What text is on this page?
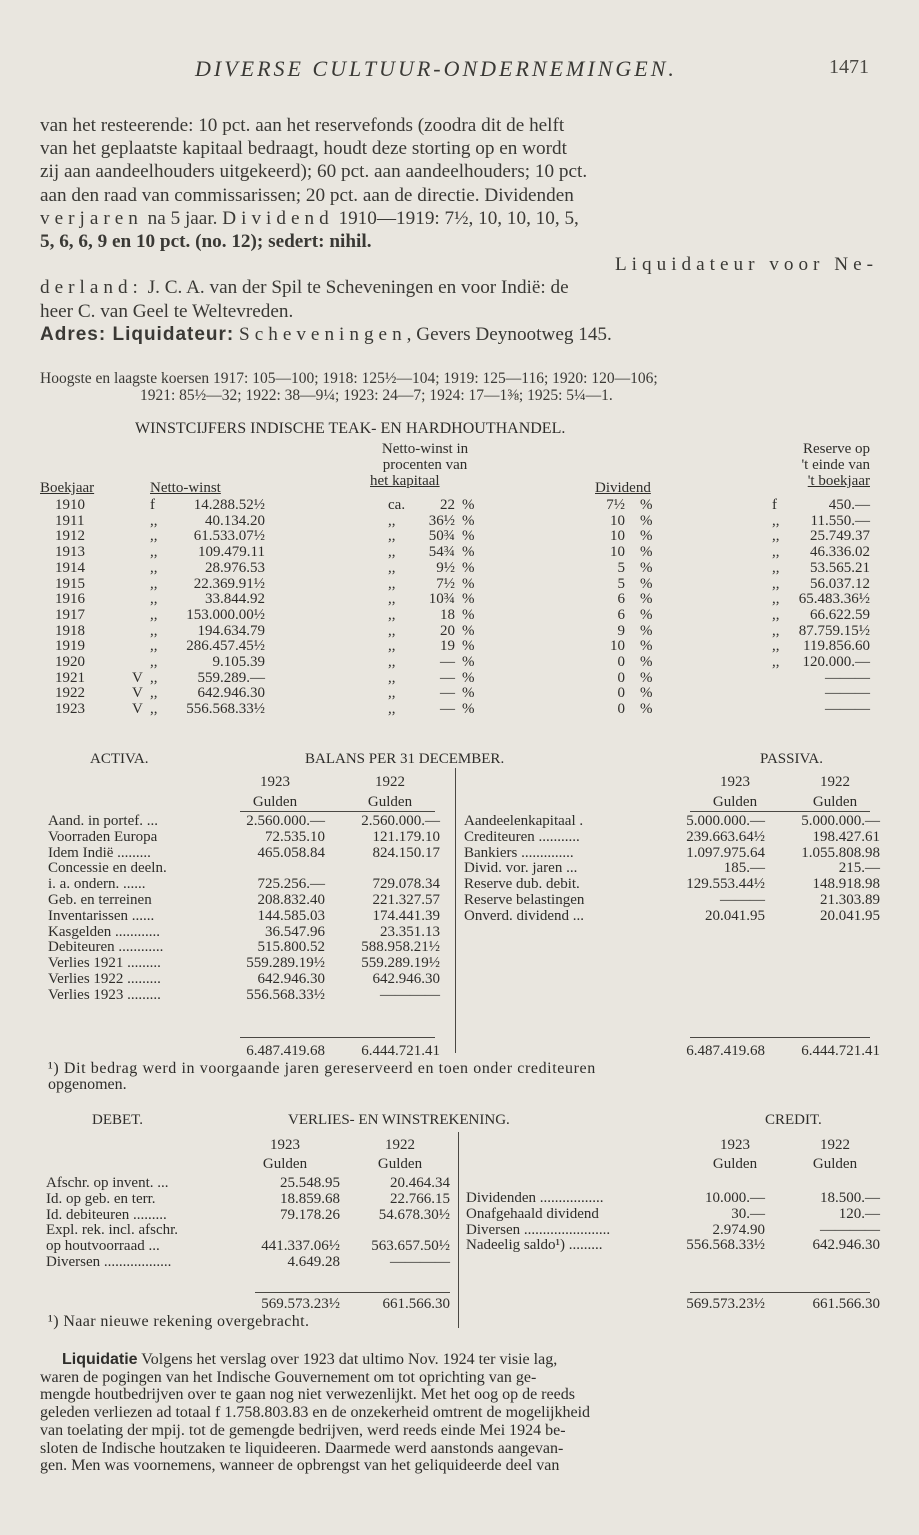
DIVERSE CULTUUR-ONDERNEMINGEN.	1471
van het resteerende: 10 pct. aan het reservefonds (zoodra dit de helft
van het geplaatste kapitaal bedraagt, houdt deze storting op en wordt
zij aan aandeelhouders uitgekeerd); 60 pct. aan aandeelhouders; 10 pct.
aan den raad van commissarissen; 20 pct. aan de directie. Dividenden
verjaren na 5 jaar. Dividend 1910—1919: 7½, 10, 10, 10, 5,
5, 6, 6, 9 en 10 pct. (no. 12); sedert: nihil.
Liquidateur voor Ne-
derland: J. C. A. van der Spil te Scheveningen en voor Indië: de
heer C. van Geel te Weltevreden.
Adres: Liquidateur: Scheveningen, Gevers Deynootweg 145.
Hoogste en laagste koersen 1917: 105—100; 1918: 125½—104; 1919: 125—116; 1920: 120—106;
1921: 85½—32; 1922: 38—9¼; 1923: 24—7; 1924: 17—1⅜; 1925: 5¼—1.
WINSTCIJFERS INDISCHE TEAK- EN HARDHOUTHANDEL.
Netto-winst in
procenten van
het kapitaal
Reserve op
't einde van
't boekjaar
Boekjaar	Netto-winst	Dividend
1910	f	14.288.52½	ca.	22 %	7½ %	f	450.—
1911	,,	40.134.20	,,	36½ %	10 %	,,	11.550.—
1912	,,	61.533.07½	,,	50¾ %	10 %	,,	25.749.37
1913	,,	109.479.11	,,	54¾ %	10 %	,,	46.336.02
1914	,,	28.976.53	,,	9½ %	5 %	,,	53.565.21
1915	,,	22.369.91½	,,	7½ %	5 %	,,	56.037.12
1916	,,	33.844.92	,,	10¾ %	6 %	,,	65.483.36½
1917	,,	153.000.00½	,,	18 %	6 %	,,	66.622.59
1918	,,	194.634.79	,,	20 %	9 %	,,	87.759.15½
1919	,,	286.457.45½	,,	19 %	10 %	,,	119.856.60
1920	,,	9.105.39	,,	— %	0 %	,,	120.000.—
1921	V ,,	559.289.—	,,	— %	0 %	———
1922	V ,,	642.946.30	,,	— %	0 %	———
1923	V ,,	556.568.33½	,,	— %	0 %	———
ACTIVA.	BALANS PER 31 DECEMBER.	PASSIVA.
1923	1922
Gulden	Gulden
1923	1922
Gulden	Gulden
Aand. in portef. ...	2.560.000.—	2.560.000.—
Voorraden Europa	72.535.10	121.179.10
Idem Indië .........	465.058.84	824.150.17
Concessie en deeln.
i. a. ondern. ......	725.256.—	729.078.34
Geb. en terreinen	208.832.40	221.327.57
Inventarissen ......	144.585.03	174.441.39
Kasgelden ............	36.547.96	23.351.13
Debiteuren ............	515.800.52	588.958.21½
Verlies 1921 .........	559.289.19½	559.289.19½
Verlies 1922 .........	642.946.30	642.946.30
Verlies 1923 .........	556.568.33½	————
Aandeelenkapitaal .	5.000.000.—	5.000.000.—
Crediteuren ...........	239.663.64½	198.427.61
Bankiers ..............	1.097.975.64	1.055.808.98
Divid. vor. jaren ...	185.—	215.—
Reserve dub. debit.	129.553.44½	148.918.98
Reserve belastingen	———	21.303.89
Onverd. dividend ...	20.041.95	20.041.95
6.487.419.68	6.444.721.41	6.487.419.68	6.444.721.41
¹) Dit bedrag werd in voorgaande jaren gereserveerd en toen onder crediteuren
opgenomen.
DEBET.	VERLIES- EN WINSTREKENING.	CREDIT.
1923	1922
Gulden	Gulden
1923	1922
Gulden	Gulden
Afschr. op invent. ...	25.548.95	20.464.34
Id. op geb. en terr.	18.859.68	22.766.15
Id. debiteuren .........	79.178.26	54.678.30½
Expl. rek. incl. afschr.
op houtvoorraad ...	441.337.06½	563.657.50½
Diversen ..................	4.649.28	————
Dividenden .................	10.000.—	18.500.—
Onafgehaald dividend	30.—	120.—
Diversen .......................	2.974.90	————
Nadeelig saldo¹) .........	556.568.33½	642.946.30
569.573.23½	661.566.30	569.573.23½	661.566.30
¹) Naar nieuwe rekening overgebracht.
Liquidatie Volgens het verslag over 1923 dat ultimo Nov. 1924 ter visie lag,
waren de pogingen van het Indische Gouvernement om tot oprichting van ge-
mengde houtbedrijven over te gaan nog niet verwezenlijkt. Met het oog op de reeds
geleden verliezen ad totaal f 1.758.803.83 en de onzekerheid omtrent de mogelijkheid
van toelating der mpij. tot de gemengde bedrijven, werd reeds einde Mei 1924 be-
sloten de Indische houtzaken te liquideeren. Daarmede werd aanstonds aangevan-
gen. Men was voornemens, wanneer de opbrengst van het geliquideerde deel van
